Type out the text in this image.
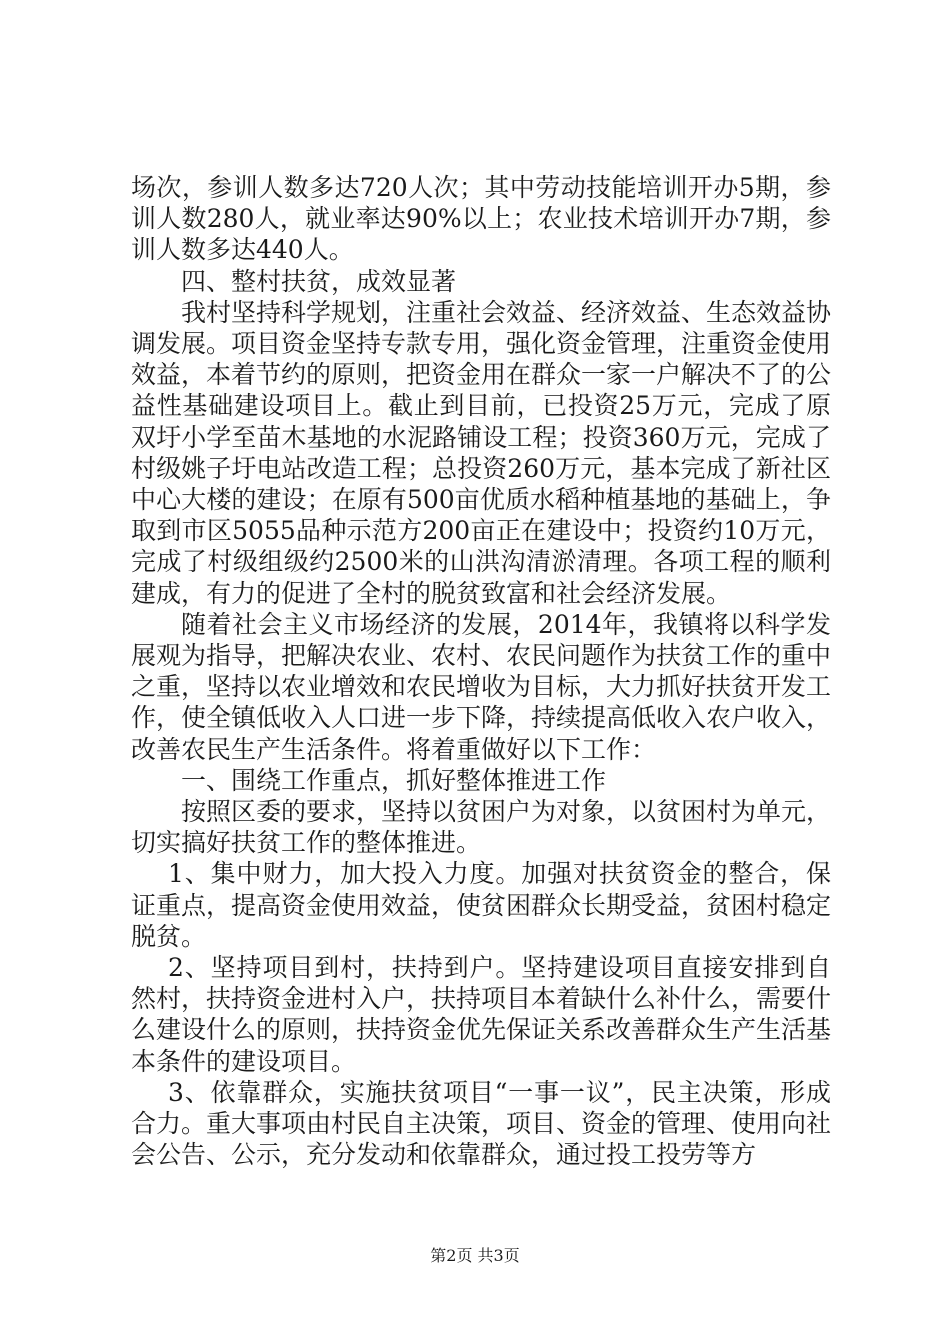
场次，参训人数多达720人次；其中劳动技能培训开办5期，参训人数280人，就业率达90%以上；农业技术培训开办7期，参训人数多达440人。

四、整村扶贫，成效显著

我村坚持科学规划，注重社会效益、经济效益、生态效益协调发展。项目资金坚持专款专用，强化资金管理，注重资金使用效益，本着节约的原则，把资金用在群众一家一户解决不了的公益性基础建设项目上。截止到目前，已投资25万元，完成了原双圩小学至苗木基地的水泥路铺设工程；投资360万元，完成了村级姚子圩电站改造工程；总投资260万元，基本完成了新社区中心大楼的建设；在原有500亩优质水稻种植基地的基础上，争取到市区5055品种示范方200亩正在建设中；投资约10万元，完成了村级组级约2500米的山洪沟清淤清理。各项工程的顺利建成，有力的促进了全村的脱贫致富和社会经济发展。

随着社会主义市场经济的发展，2014年，我镇将以科学发展观为指导，把解决农业、农村、农民问题作为扶贫工作的重中之重，坚持以农业增效和农民增收为目标，大力抓好扶贫开发工作，使全镇低收入人口进一步下降，持续提高低收入农户收入，改善农民生产生活条件。将着重做好以下工作：

一、围绕工作重点，抓好整体推进工作

按照区委的要求，坚持以贫困户为对象，以贫困村为单元，切实搞好扶贫工作的整体推进。

1、集中财力，加大投入力度。加强对扶贫资金的整合，保证重点，提高资金使用效益，使贫困群众长期受益，贫困村稳定脱贫。

2、坚持项目到村，扶持到户。坚持建设项目直接安排到自然村，扶持资金进村入户，扶持项目本着缺什么补什么，需要什么建设什么的原则，扶持资金优先保证关系改善群众生产生活基本条件的建设项目。

3、依靠群众，实施扶贫项目“一事一议”，民主决策，形成合力。重大事项由村民自主决策，项目、资金的管理、使用向社会公告、公示，充分发动和依靠群众，通过投工投劳等方

第2页 共3页
